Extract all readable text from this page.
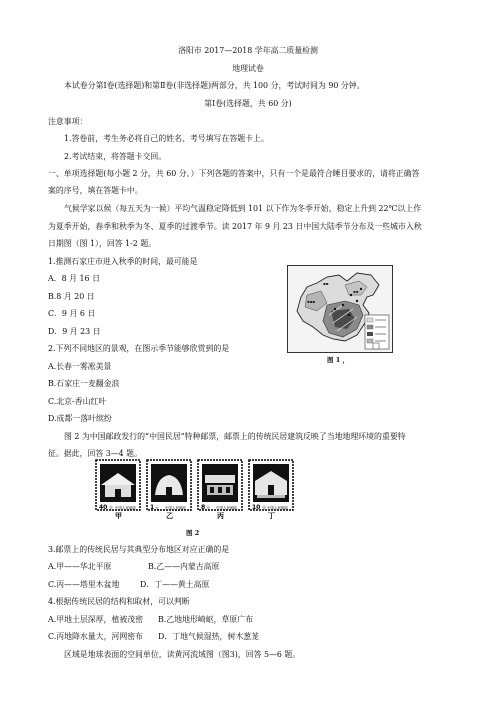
洛阳市 2017—2018 学年高二质量检测
地理试卷
本试卷分第Ⅰ卷(选择题)和第Ⅱ卷(非选择题)两部分，共 100 分，考试时间为 90 分钟。
第Ⅰ卷(选择题，共 60 分)
注意事项：
1.答卷前，考生务必将自己的姓名、考号填写在答题卡上。
2.考试结束，将答题卡交回。
一、单项选择题(每小题 2 分，共 60 分。）下列各题的答案中，只有一个是最符合睡目要求的，请将正确答
案的序号，填在答题卡中。
气候学家以候（每五天为一候）平均气温稳定降低到 101 以下作为冬季开始，稳定上升到 22℃以上作
为夏季开始，春季和秋季为冬、夏季的过渡季节。读 2017 年 9 月 23 日中国大陆季节分布及一些城市入秋
日期图（图 1），回答 1-2 题。
1.推测石家庄市进入秋季的时间，最可能是
A．8 月 16 日
B.8 月 20 日
C．9 月 6 日
D．9 月 23 日
2.下列不同地区的景观，在图示季节能够欣赏到的是
A.长春一雾凇美景
B.石家庄一麦翻金浪
C.北京-香山红叶
D.成都一落叶缤纷
▪▪
▪▪
▪▪▪
图 1 ，
图 2 为中国邮政发行的“中国民居”特种邮票，邮票上的传统民居建筑反映了当地地理环境的重要特
征。据此，回答 3—4 题。
40 分 中国人民邮政 1 元 中国人民邮政	8 分 中国人民邮政	10 分 中国人民邮政
甲	乙	丙	丁
图 2
3.邮票上的传统民居与其典型分布地区对应正确的是
A.甲——华北平原	B.乙——内蒙古高原
C.丙——塔里木盆地	D．丁——黄土高原
4.根据传统民居的结构和取材，可以判断
A.甲地土层深厚，植被茂密 B.乙地地形崎岖，草原广布
C.丙地降水量大，河网密布 D．丁地气候湿热，树木葱茏
区域是地球表面的空间单位，读黄河流域图（图3)，回答 5—6 题。
